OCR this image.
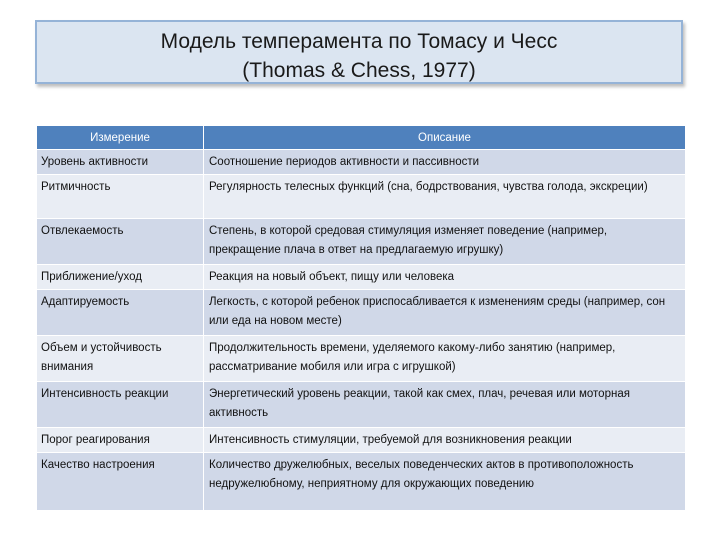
Модель темперамента по Томасу и Чесс
(Thomas & Chess, 1977)
Измерение	Описание
Уровень активности	Соотношение периодов активности и пассивности
Ритмичность	Регулярность телесных функций (сна, бодрствования, чувства голода, экскреции)
Отвлекаемость	Степень, в которой средовая стимуляция изменяет поведение (например, прекращение плача в ответ на предлагаемую игрушку)
Приближение/уход	Реакция на новый объект, пищу или человека
Адаптируемость	Легкость, с которой ребенок приспосабливается к изменениям среды (например, сон или еда на новом месте)
Объем и устойчивость внимания	Продолжительность времени, уделяемого какому-либо занятию (например, рассматривание мобиля или игра с игрушкой)
Интенсивность реакции	Энергетический уровень реакции, такой как смех, плач, речевая или моторная активность
Порог реагирования	Интенсивность стимуляции, требуемой для возникновения реакции
Качество настроения	Количество дружелюбных, веселых поведенческих актов в противоположность недружелюбному, неприятному для окружающих поведению
